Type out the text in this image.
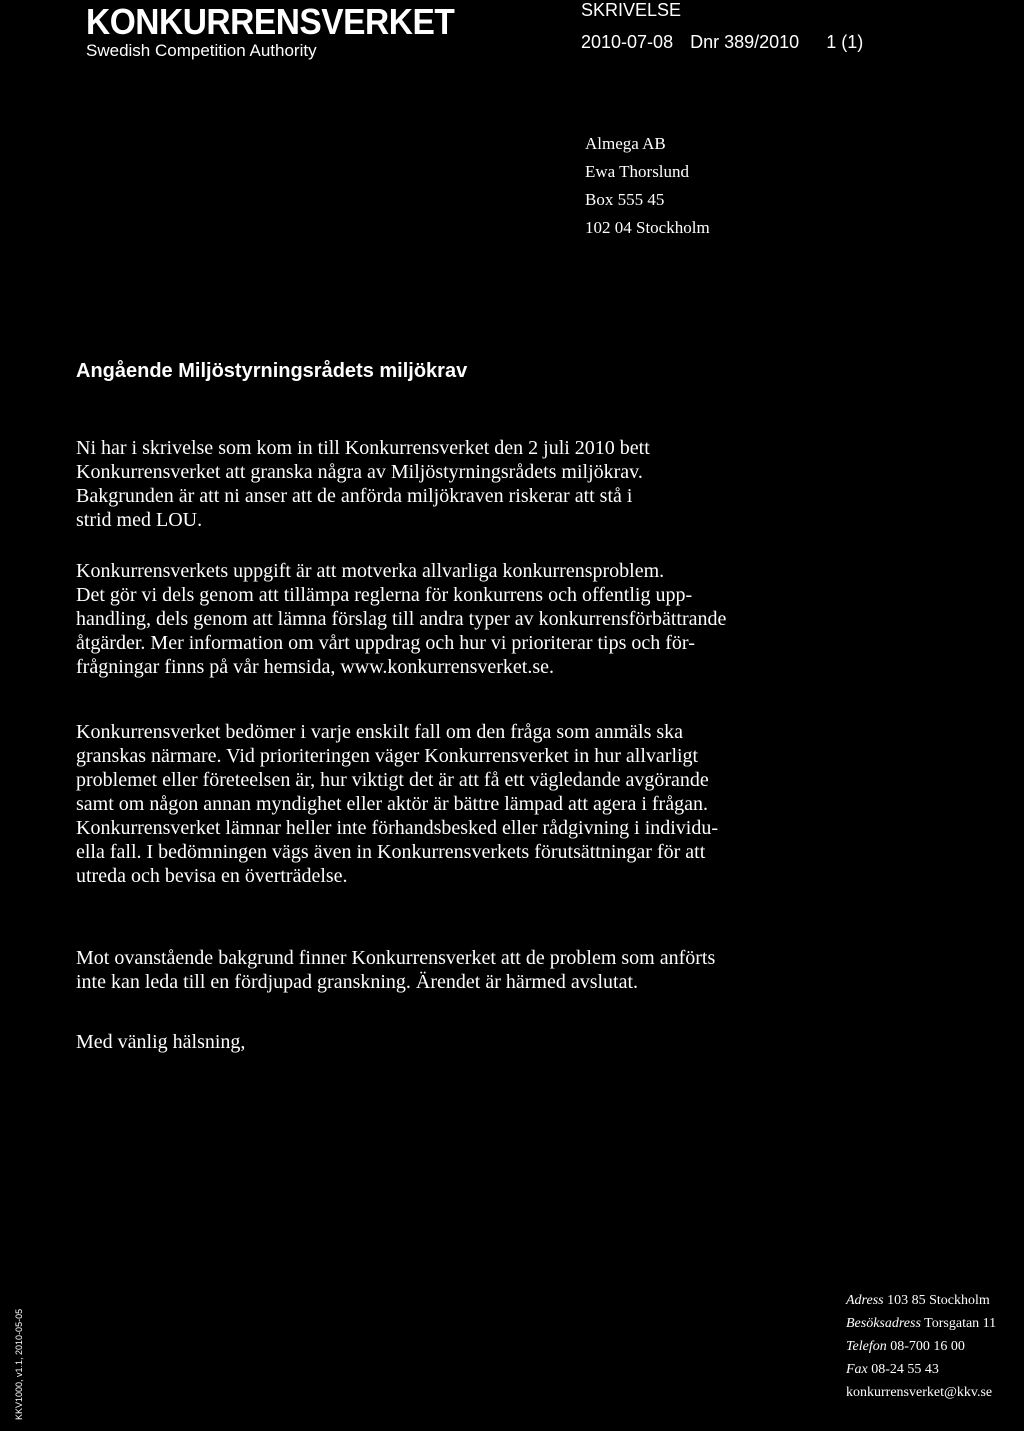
KONKURRENSVERKET
Swedish Competition Authority
SKRIVELSE
2010-07-08 Dnr 389/2010 1 (1)
Almega AB
Ewa Thorslund
Box 555 45
102 04 Stockholm
Angående Miljöstyrningsrådets miljökrav
Ni har i skrivelse som kom in till Konkurrensverket den 2 juli 2010 bett
Konkurrensverket att granska några av Miljöstyrningsrådets miljökrav.
Bakgrunden är att ni anser att de anförda miljökraven riskerar att stå i
strid med LOU.
Konkurrensverkets uppgift är att motverka allvarliga konkurrensproblem.
Det gör vi dels genom att tillämpa reglerna för konkurrens och offentlig upp-
handling, dels genom att lämna förslag till andra typer av konkurrensförbättrande
åtgärder. Mer information om vårt uppdrag och hur vi prioriterar tips och för-
frågningar finns på vår hemsida, www.konkurrensverket.se.
Konkurrensverket bedömer i varje enskilt fall om den fråga som anmäls ska
granskas närmare. Vid prioriteringen väger Konkurrensverket in hur allvarligt
problemet eller företeelsen är, hur viktigt det är att få ett vägledande avgörande
samt om någon annan myndighet eller aktör är bättre lämpad att agera i frågan.
Konkurrensverket lämnar heller inte förhandsbesked eller rådgivning i individu-
ella fall. I bedömningen vägs även in Konkurrensverkets förutsättningar för att
utreda och bevisa en överträdelse.
Mot ovanstående bakgrund finner Konkurrensverket att de problem som anförts
inte kan leda till en fördjupad granskning. Ärendet är härmed avslutat.
Med vänlig hälsning,
Adress 103 85 Stockholm
Besöksadress Torsgatan 11
Telefon 08-700 16 00
Fax 08-24 55 43
konkurrensverket@kkv.se
KKV1000, v1.1, 2010-05-05
